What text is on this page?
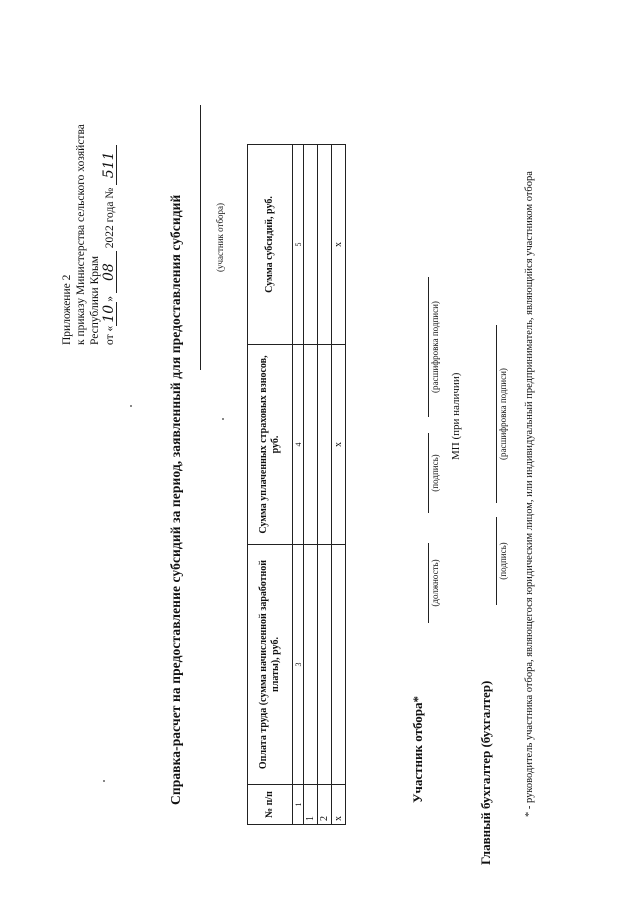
Приложение 2 к приказу Министерства сельского хозяйства Республики Крым от «10» 08 2022 года № 511
Справка-расчет на предоставление субсидий за период, заявленный для предоставления субсидий	(участник отбора)
№ п/п	Оплата труда (сумма начисленной заработной платы), руб.	Сумма уплаченных страховых взносов, руб.	Сумма субсидий, руб.
1	3	4	5
1			
2			
x		x	x
Участник отбора*
(должность)
(подпись)
(расшифровка подписи)
МП (при наличии)
Главный бухгалтер (бухгалтер)
(подпись)
(расшифровка подписи) * - руководитель участника отбора, являющегося юридическим лицом, или индивидуальный предприниматель, являющийся участником отбора
